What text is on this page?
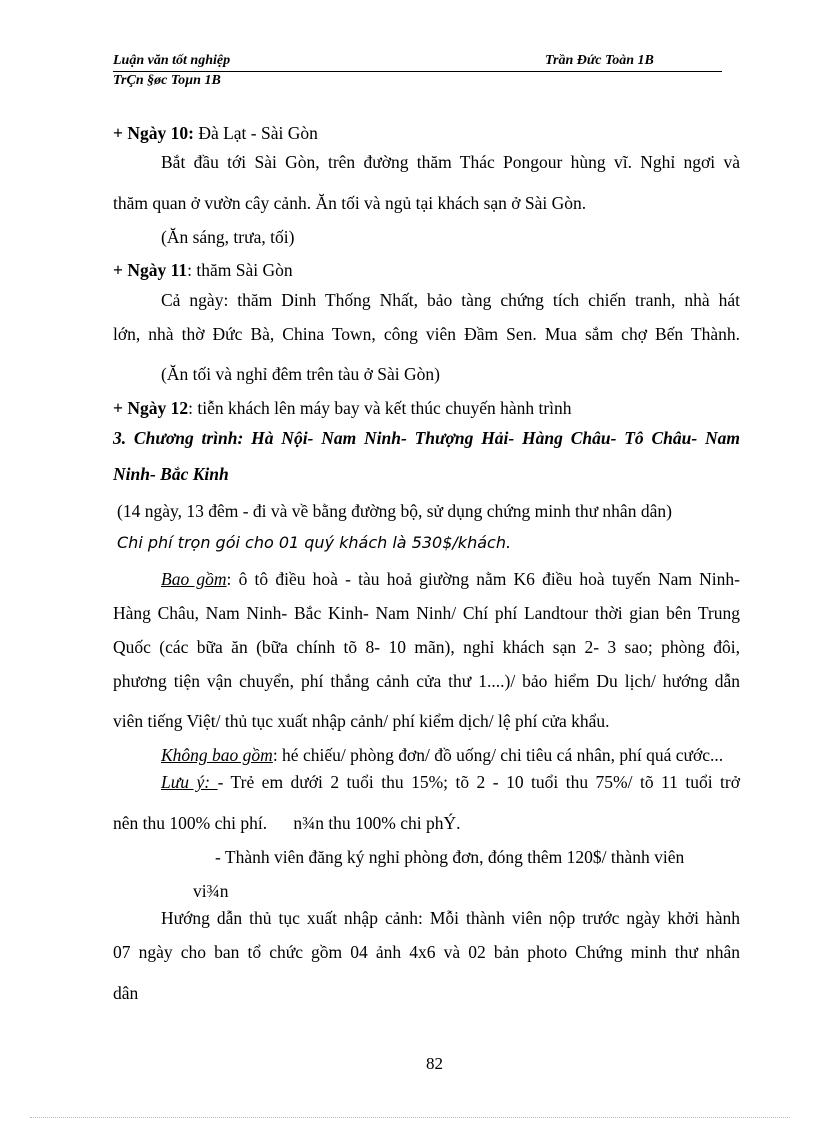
Luận văn tốt nghiệp	Trần Đức Toàn 1B
TrÇn §øc Toµn 1B
+ Ngày 10: Đà Lạt - Sài Gòn
Bắt đầu tới Sài Gòn, trên đường thăm Thác Pongour hùng vĩ. Nghỉ ngơi và
thăm quan ở vườn cây cảnh. Ăn tối và ngủ tại khách sạn ở Sài Gòn.
(Ăn sáng, trưa, tối)
+ Ngày 11: thăm Sài Gòn
Cả ngày: thăm Dinh Thống Nhất, bảo tàng chứng tích chiến tranh, nhà hát
lớn, nhà thờ Đức Bà, China Town, công viên Đầm Sen. Mua sắm chợ Bến Thành.
(Ăn tối và nghỉ đêm trên tàu ở Sài Gòn)
+ Ngày 12: tiễn khách lên máy bay và kết thúc chuyến hành trình
3. Chương trình: Hà Nội- Nam Ninh- Thượng Hải- Hàng Châu- Tô Châu- Nam
Ninh- Bắc Kinh
(14 ngày, 13 đêm - đi và về bằng đường bộ, sử dụng chứng minh thư nhân dân)
Chi phí trọn gói cho 01 quý khách là 530$/khách.
Bao gồm: ô tô điều hoà - tàu hoả giường nằm K6 điều hoà tuyến Nam Ninh-
Hàng Châu, Nam Ninh- Bắc Kinh- Nam Ninh/ Chí phí Landtour thời gian bên Trung
Quốc (các bữa ăn (bữa chính tõ 8- 10 mãn), nghỉ khách sạn 2- 3 sao; phòng đôi,
phương tiện vận chuyển, phí thắng cảnh cửa thư 1....)/ bảo hiểm Du lịch/ hướng dẫn
viên tiếng Việt/ thủ tục xuất nhập cảnh/ phí kiểm dịch/ lệ phí cửa khẩu.
Không bao gồm: hé chiếu/ phòng đơn/ đồ uống/ chi tiêu cá nhân, phí quá cước...
Lưu ý: - Trẻ em dưới 2 tuổi thu 15%; tõ 2 - 10 tuổi thu 75%/ tõ 11 tuổi trở
nên thu 100% chi phí.      n¾n thu 100% chi phÝ.
- Thành viên đăng ký nghỉ phòng đơn, đóng thêm 120$/ thành viên
vi¾n
Hướng dẫn thủ tục xuất nhập cảnh: Mỗi thành viên nộp trước ngày khởi hành
07 ngày cho ban tổ chức gồm 04 ảnh 4x6 và 02 bản photo Chứng minh thư nhân
dân
82
